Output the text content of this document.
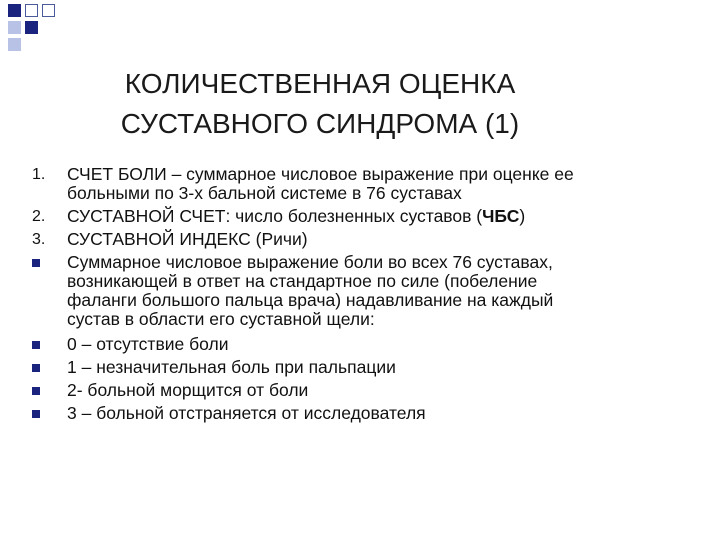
КОЛИЧЕСТВЕННАЯ ОЦЕНКА
СУСТАВНОГО СИНДРОМА (1)
1. СЧЕТ БОЛИ – суммарное числовое выражение при оценке ее
больными по 3-х бальной системе в 76 суставах
2. СУСТАВНОЙ СЧЕТ: число болезненных суставов (ЧБС)
3. СУСТАВНОЙ ИНДЕКС (Ричи)
Суммарное числовое выражение боли во всех 76 суставах,
возникающей в ответ на стандартное по силе (побеление
фаланги большого пальца врача) надавливание на каждый
сустав в области его суставной щели:
0 – отсутствие боли
1 – незначительная боль при пальпации
2- больной морщится от боли
3 – больной отстраняется от исследователя
